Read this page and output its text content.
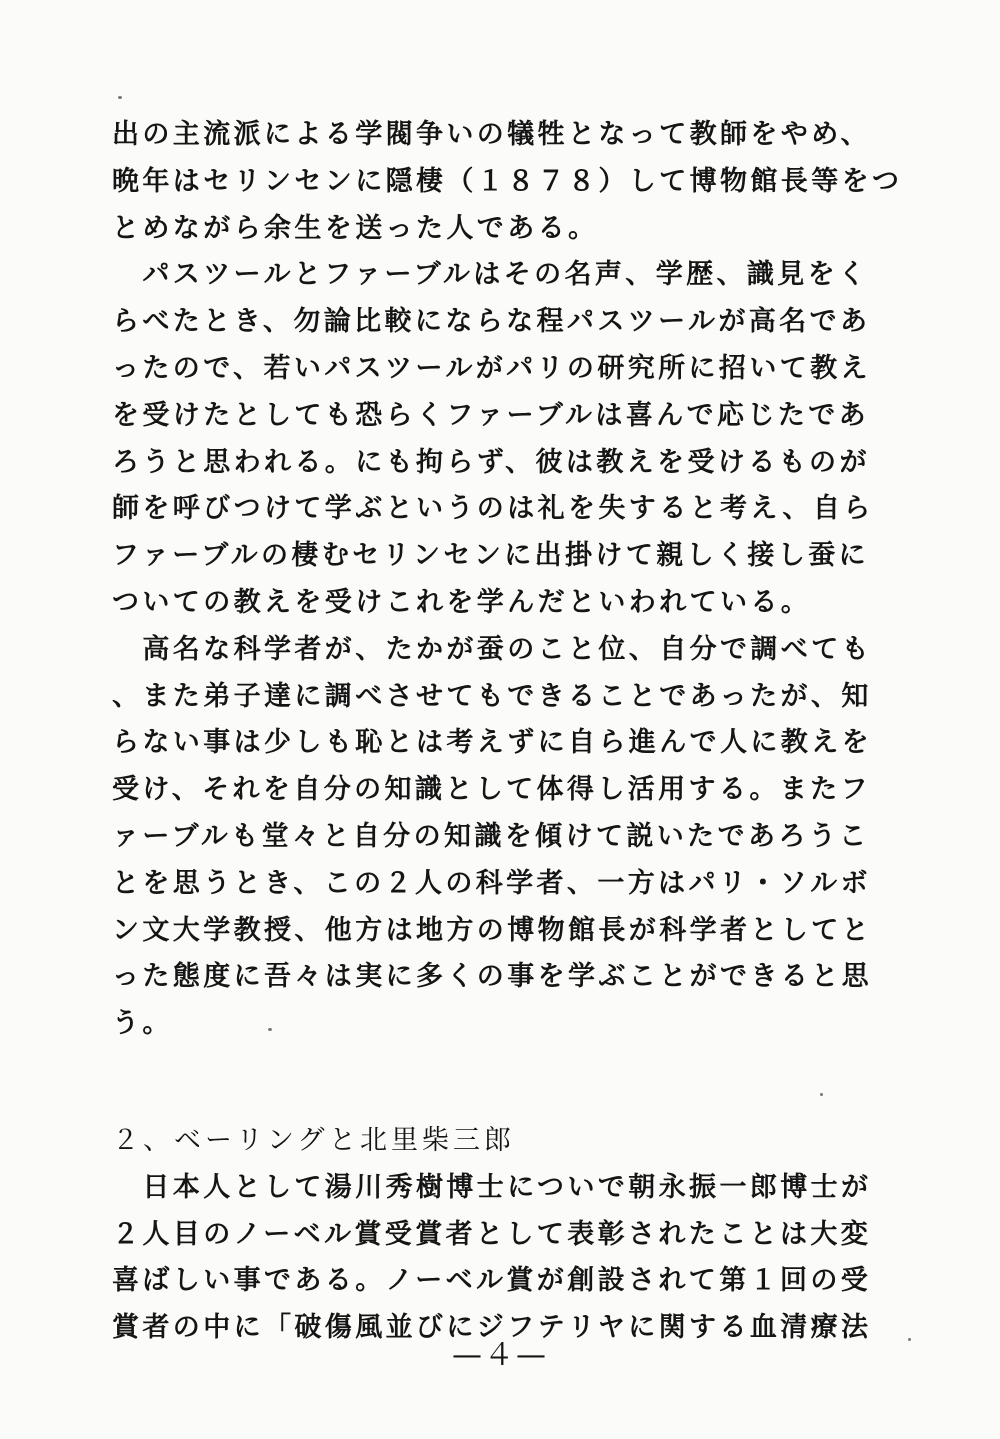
出の主流派による学閥争いの犠牲となって教師をやめ、
晩年はセリンセンに隠棲（１８７８）して博物館長等をつ
とめながら余生を送った人である。
　パスツールとファーブルはその名声、学歴、識見をく
らべたとき、勿論比較にならな程パスツールが高名であ
ったので、若いパスツールがパリの研究所に招いて教え
を受けたとしても恐らくファーブルは喜んで応じたであ
ろうと思われる。にも拘らず、彼は教えを受けるものが
師を呼びつけて学ぶというのは礼を失すると考え、自ら
ファーブルの棲むセリンセンに出掛けて親しく接し蚕に
ついての教えを受けこれを学んだといわれている。
　高名な科学者が、たかが蚕のこと位、自分で調べても
、また弟子達に調べさせてもできることであったが、知
らない事は少しも恥とは考えずに自ら進んで人に教えを
受け、それを自分の知識として体得し活用する。またフ
ァーブルも堂々と自分の知識を傾けて説いたであろうこ
とを思うとき、この２人の科学者、一方はパリ・ソルボ
ン文大学教授、他方は地方の博物館長が科学者としてと
った態度に吾々は実に多くの事を学ぶことができると思
う。
２、ベーリングと北里柴三郎
　日本人として湯川秀樹博士についで朝永振一郎博士が
２人目のノーベル賞受賞者として表彰されたことは大変
喜ばしい事である。ノーベル賞が創設されて第１回の受
賞者の中に「破傷風並びにジフテリヤに関する血清療法
—４—
